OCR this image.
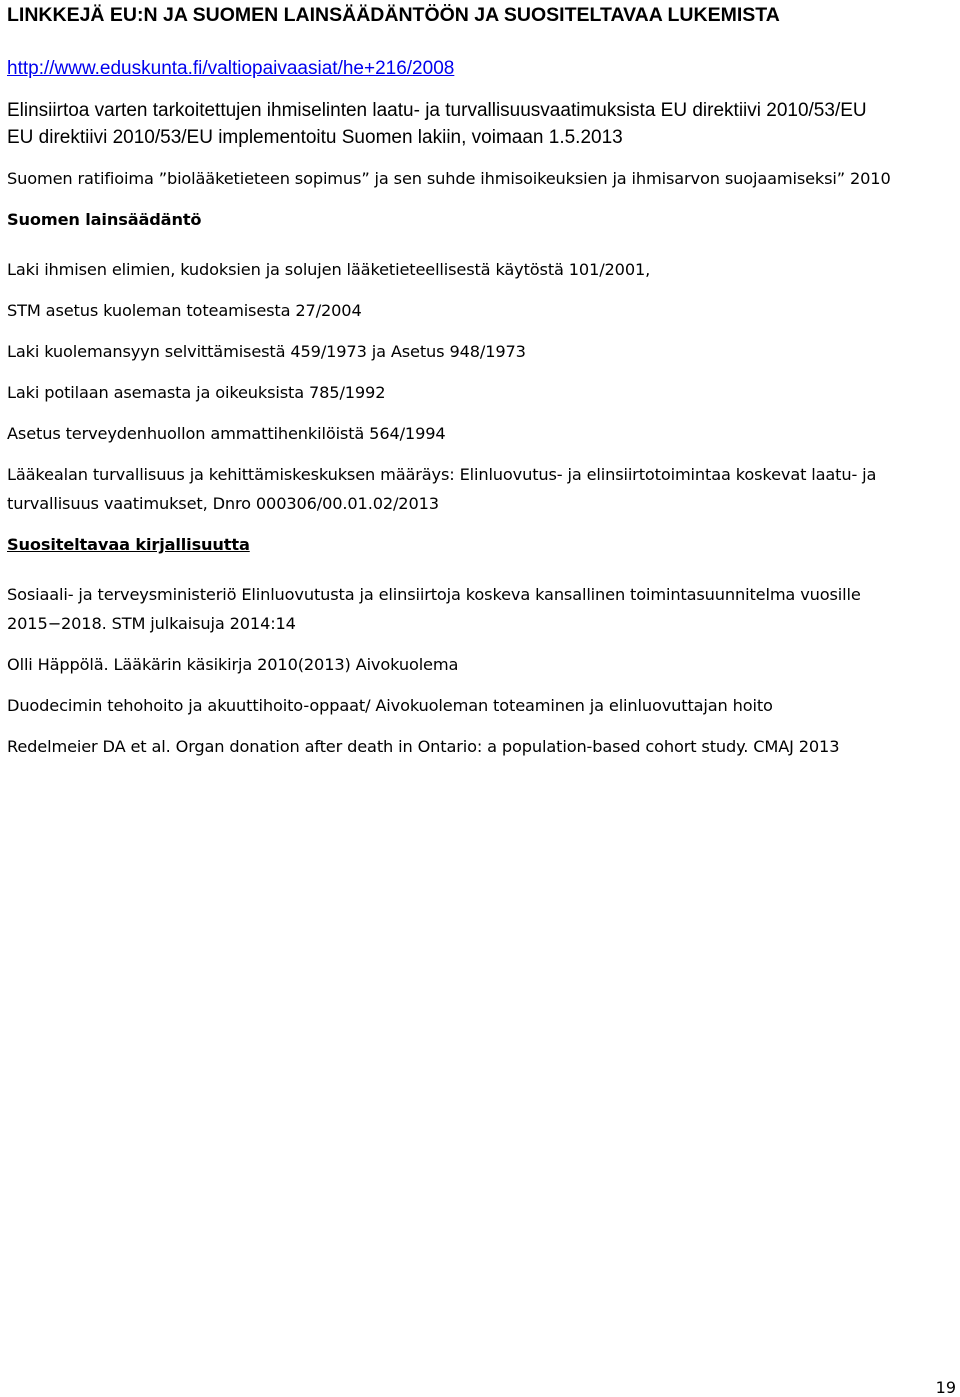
LINKKEJÄ EU:N JA SUOMEN LAINSÄÄDÄNTÖÖN JA SUOSITELTAVAA LUKEMISTA
http://www.eduskunta.fi/valtiopaivaasiat/he+216/2008
Elinsiirtoa varten tarkoitettujen ihmiselinten laatu- ja turvallisuusvaatimuksista EU direktiivi 2010/53/EU
EU direktiivi 2010/53/EU implementoitu Suomen lakiin, voimaan 1.5.2013
Suomen ratifioima ”biolääketieteen sopimus” ja sen suhde ihmisoikeuksien ja ihmisarvon suojaamiseksi” 2010
Suomen lainsäädäntö
Laki ihmisen elimien, kudoksien ja solujen lääketieteellisestä käytöstä 101/2001,
STM asetus kuoleman toteamisesta 27/2004
Laki kuolemansyyn selvittämisestä 459/1973 ja Asetus 948/1973
Laki potilaan asemasta ja oikeuksista 785/1992
Asetus terveydenhuollon ammattihenkilöistä 564/1994
Lääkealan turvallisuus ja kehittämiskeskuksen määräys: Elinluovutus- ja elinsiirtotoimintaa koskevat laatu- ja
turvallisuus vaatimukset, Dnro 000306/00.01.02/2013
Suositeltavaa kirjallisuutta
Sosiaali- ja terveysministeriö Elinluovutusta ja elinsiirtoja koskeva kansallinen toimintasuunnitelma vuosille
2015−2018. STM julkaisuja 2014:14
Olli Häppölä. Lääkärin käsikirja 2010(2013) Aivokuolema
Duodecimin tehohoito ja akuuttihoito-oppaat/ Aivokuoleman toteaminen ja elinluovuttajan hoito
Redelmeier DA et al. Organ donation after death in Ontario: a population-based cohort study. CMAJ 2013
19
